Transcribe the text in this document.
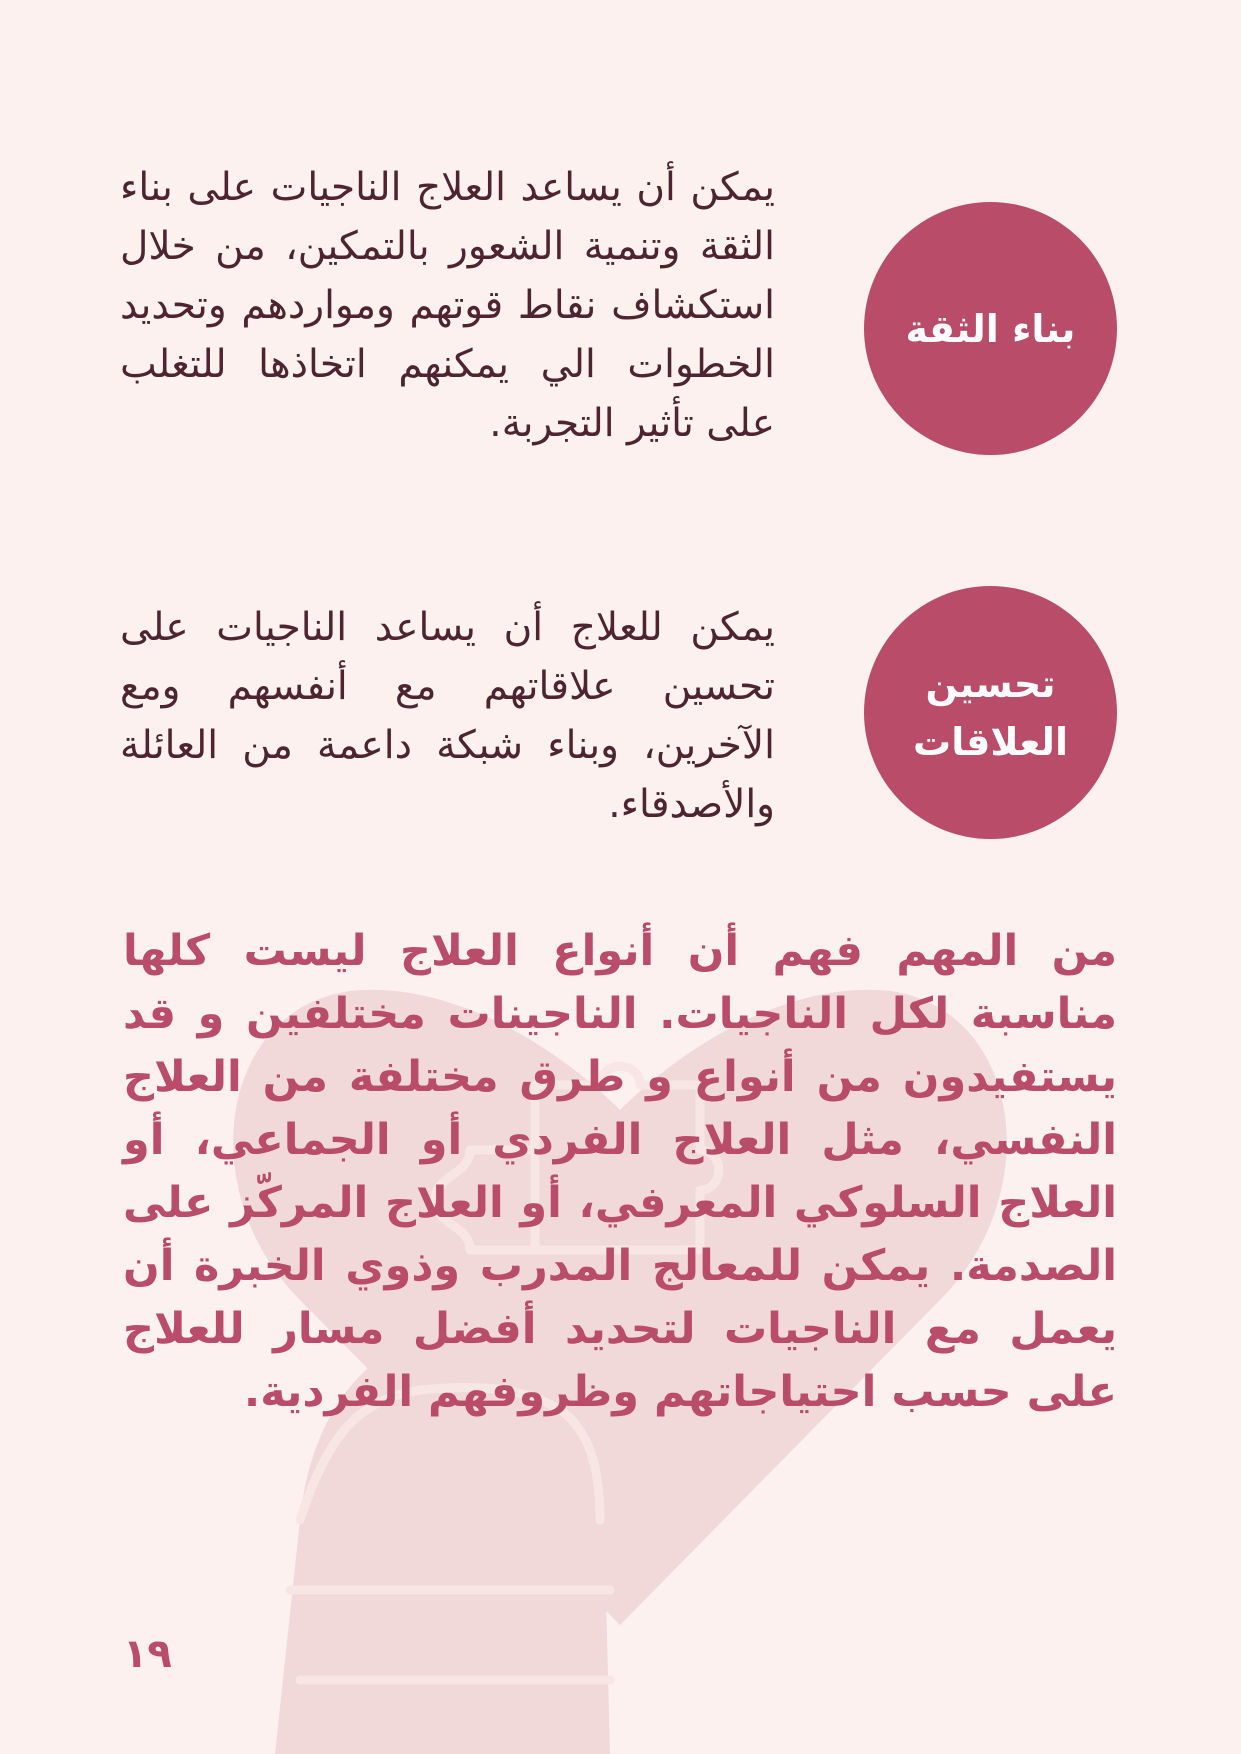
يمكن أن يساعد العلاج الناجيات على بناء الثقة وتنمية الشعور بالتمكين، من خلال استكشاف نقاط قوتهم ومواردهم وتحديد الخطوات الي يمكنهم اتخاذها للتغلب على تأثير التجربة.
بناء الثقة
يمكن للعلاج أن يساعد الناجيات على تحسين علاقاتهم مع أنفسهم ومع الآخرين، وبناء شبكة داعمة من العائلة والأصدقاء.
تحسين العلاقات
من المهم فهم أن أنواع العلاج ليست كلها مناسبة لكل الناجيات. الناجينات مختلفين و قد يستفيدون من أنواع و طرق مختلفة من العلاج النفسي، مثل العلاج الفردي أو الجماعي، أو العلاج السلوكي المعرفي، أو العلاج المركّز على الصدمة. يمكن للمعالج المدرب وذوي الخبرة أن يعمل مع الناجيات لتحديد أفضل مسار للعلاج على حسب احتياجاتهم وظروفهم الفردية.
١٩
